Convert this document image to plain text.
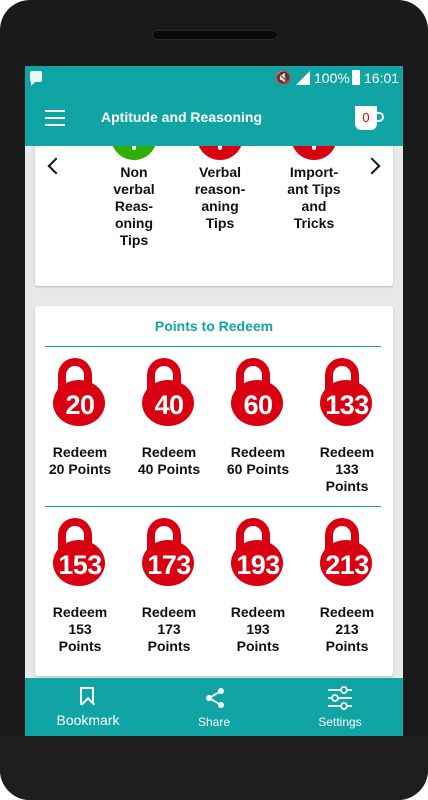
🔇 100% 16:01
Aptitude and Reasoning	0
Non
verbal
Reas-
oning
Tips
Verbal
reason-
aning
Tips
Import-
ant Tips
and
Tricks
Points to Redeem
20
Redeem
20 Points
40
Redeem
40 Points
60
Redeem
60 Points
133
Redeem
133
Points
153
Redeem
153
Points
173
Redeem
173
Points
193
Redeem
193
Points
213
Redeem
213
Points
Bookmark	Share	Settings
